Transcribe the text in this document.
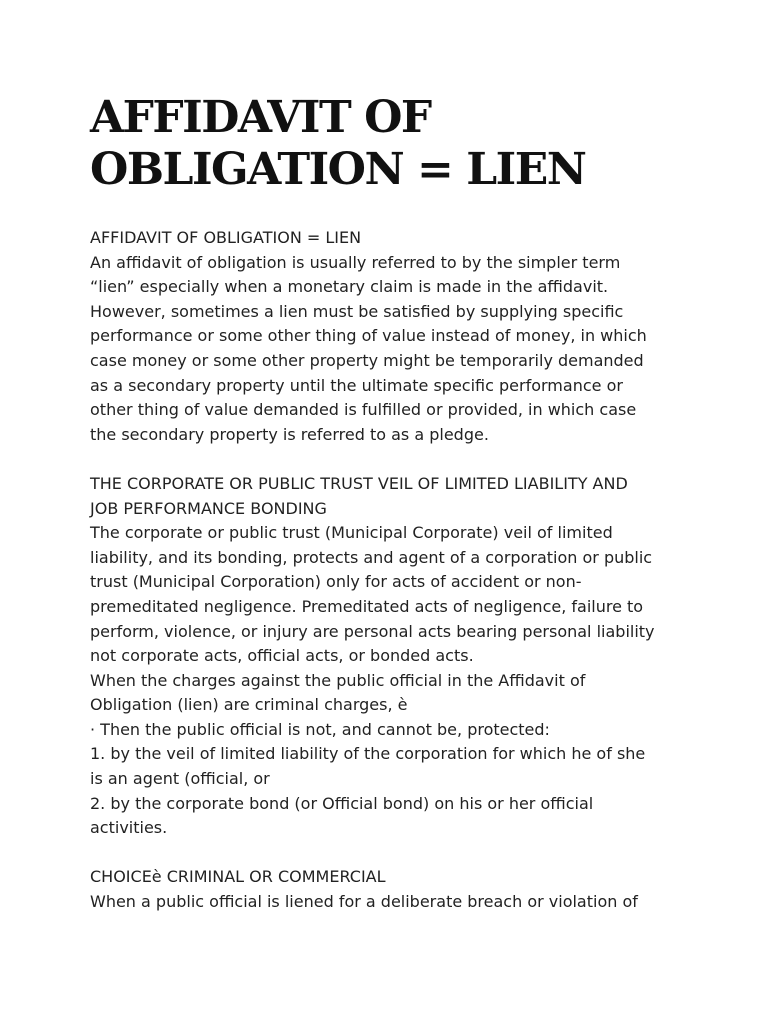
AFFIDAVIT OF
OBLIGATION = LIEN
AFFIDAVIT OF OBLIGATION = LIEN
An affidavit of obligation is usually referred to by the simpler term
“lien” especially when a monetary claim is made in the affidavit.
However, sometimes a lien must be satisfied by supplying specific
performance or some other thing of value instead of money, in which
case money or some other property might be temporarily demanded
as a secondary property until the ultimate specific performance or
other thing of value demanded is fulfilled or provided, in which case
the secondary property is referred to as a pledge.
THE CORPORATE OR PUBLIC TRUST VEIL OF LIMITED LIABILITY AND
JOB PERFORMANCE BONDING
The corporate or public trust (Municipal Corporate) veil of limited
liability, and its bonding, protects and agent of a corporation or public
trust (Municipal Corporation) only for acts of accident or non-
premeditated negligence. Premeditated acts of negligence, failure to
perform, violence, or injury are personal acts bearing personal liability
not corporate acts, official acts, or bonded acts.
When the charges against the public official in the Affidavit of
Obligation (lien) are criminal charges, è
· Then the public official is not, and cannot be, protected:
1. by the veil of limited liability of the corporation for which he of she
is an agent (official, or
2. by the corporate bond (or Official bond) on his or her official
activities.
CHOICEè CRIMINAL OR COMMERCIAL
When a public official is liened for a deliberate breach or violation of
